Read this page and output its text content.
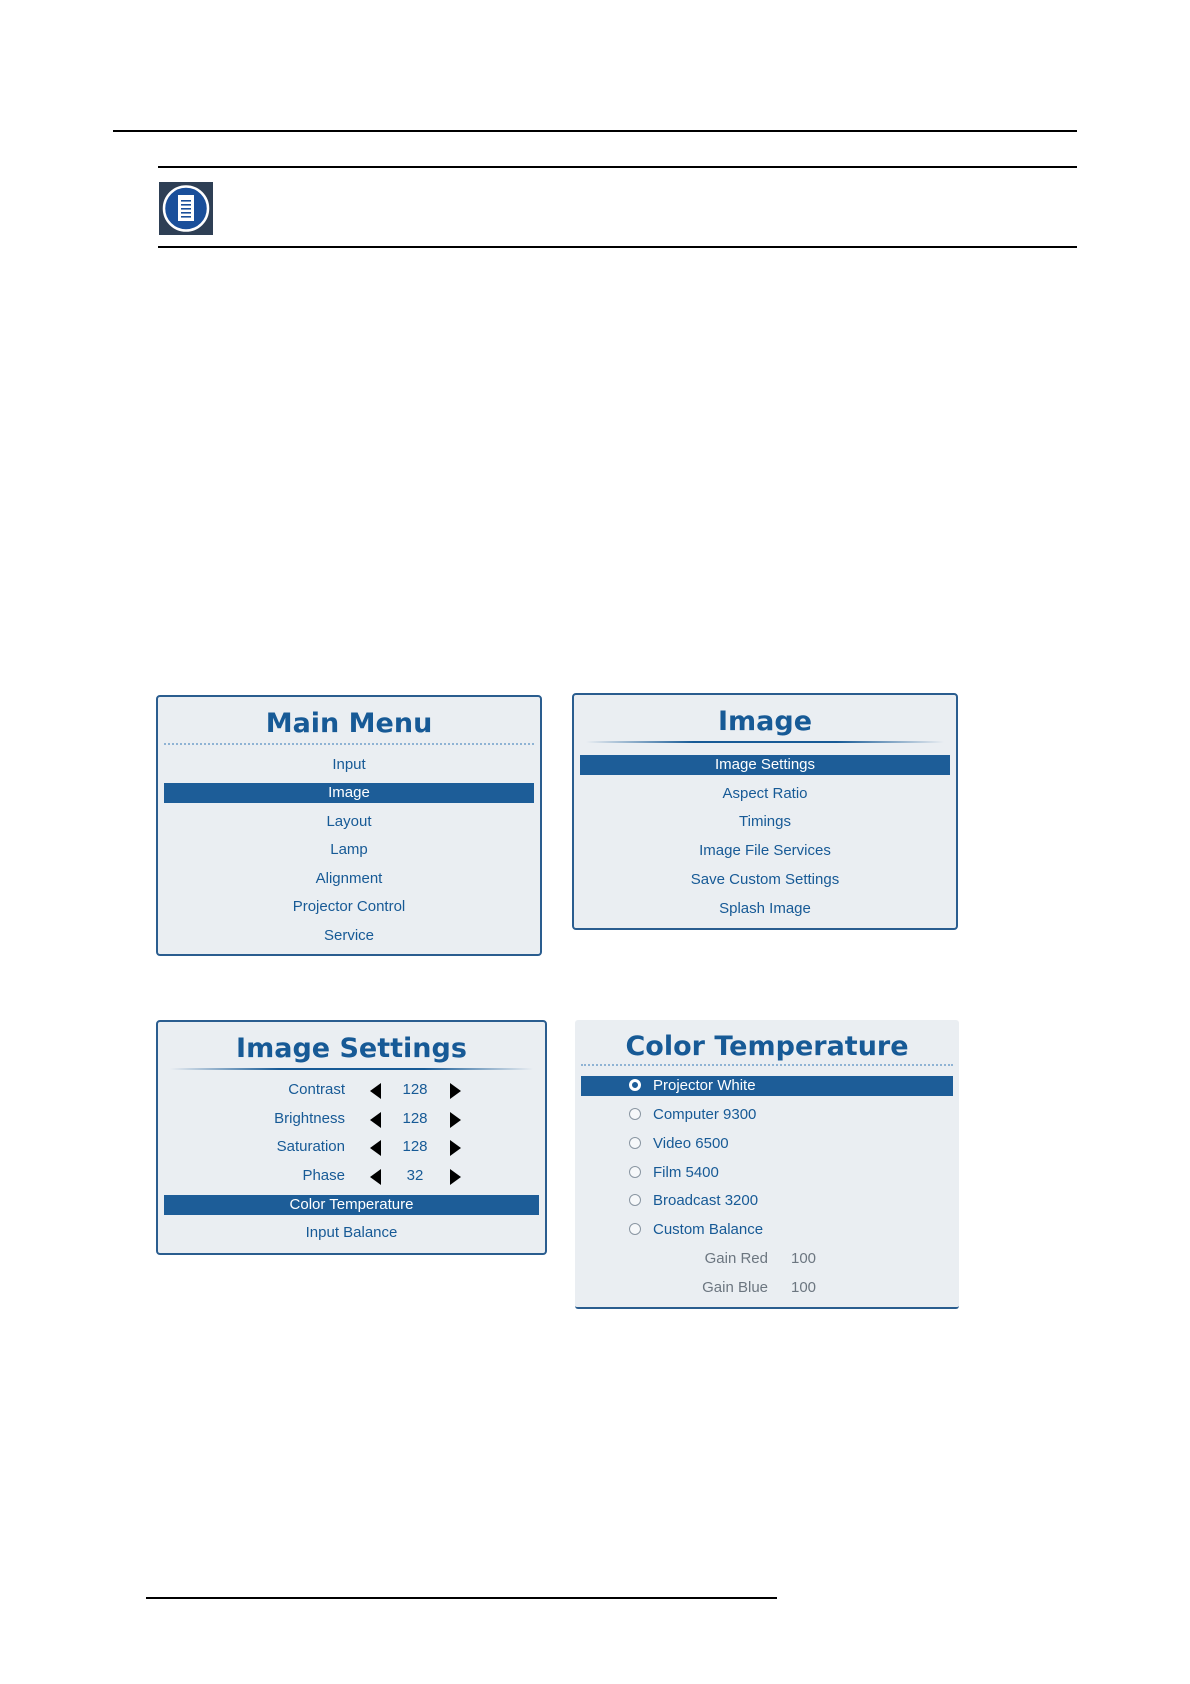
Main Menu
Input
Image
Layout
Lamp
Alignment
Projector Control
Service
Image
Image Settings
Aspect Ratio
Timings
Image File Services
Save Custom Settings
Splash Image
Image Settings
Contrast	128
Brightness	128
Saturation	128
Phase	32
Color Temperature
Input Balance
Color Temperature
Projector White
Computer 9300
Video 6500
Film 5400
Broadcast 3200
Custom Balance
Gain Red 100
Gain Blue 100
